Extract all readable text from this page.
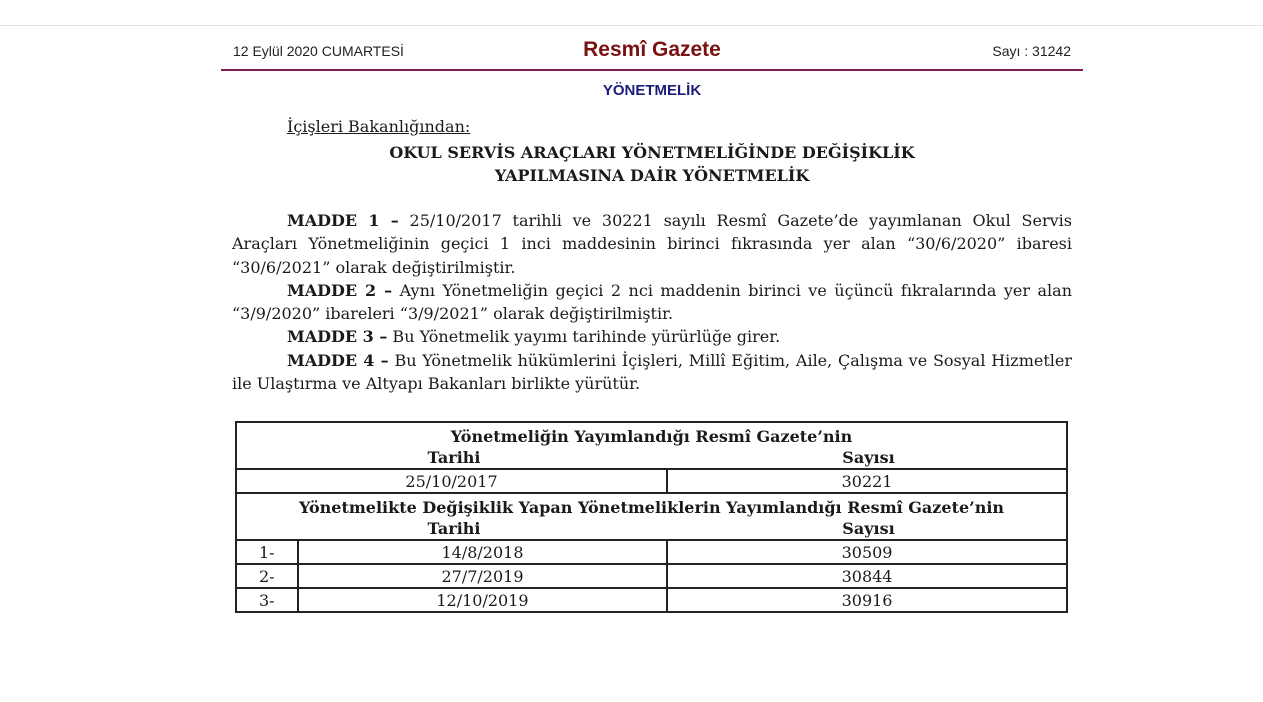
12 Eylül 2020 CUMARTESİ	Resmî Gazete	Sayı : 31242
YÖNETMELİK
İçişleri Bakanlığından:
OKUL SERVİS ARAÇLARI YÖNETMELİĞİNDE DEĞİŞİKLİK
YAPILMASINA DAİR YÖNETMELİK

MADDE 1 – 25/10/2017 tarihli ve 30221 sayılı Resmî Gazete’de yayımlanan Okul Servis Araçları Yönetmeliğinin geçici 1 inci maddesinin birinci fıkrasında yer alan “30/6/2020” ibaresi “30/6/2021” olarak değiştirilmiştir.

MADDE 2 – Aynı Yönetmeliğin geçici 2 nci maddenin birinci ve üçüncü fıkralarında yer alan “3/9/2020” ibareleri “3/9/2021” olarak değiştirilmiştir.

MADDE 3 – Bu Yönetmelik yayımı tarihinde yürürlüğe girer.

MADDE 4 – Bu Yönetmelik hükümlerini İçişleri, Millî Eğitim, Aile, Çalışma ve Sosyal Hizmetler ile Ulaştırma ve Altyapı Bakanları birlikte yürütür.

Yönetmeliğin Yayımlandığı Resmî Gazete’nin		
Tarihi Sayısı		
25/10/2017		30221
Yönetmelikte Değişiklik Yapan Yönetmeliklerin Yayımlandığı Resmî Gazete’nin		
Tarihi Sayısı		
1-	14/8/2018	30509
2-	27/7/2019	30844
3-	12/10/2019	30916
